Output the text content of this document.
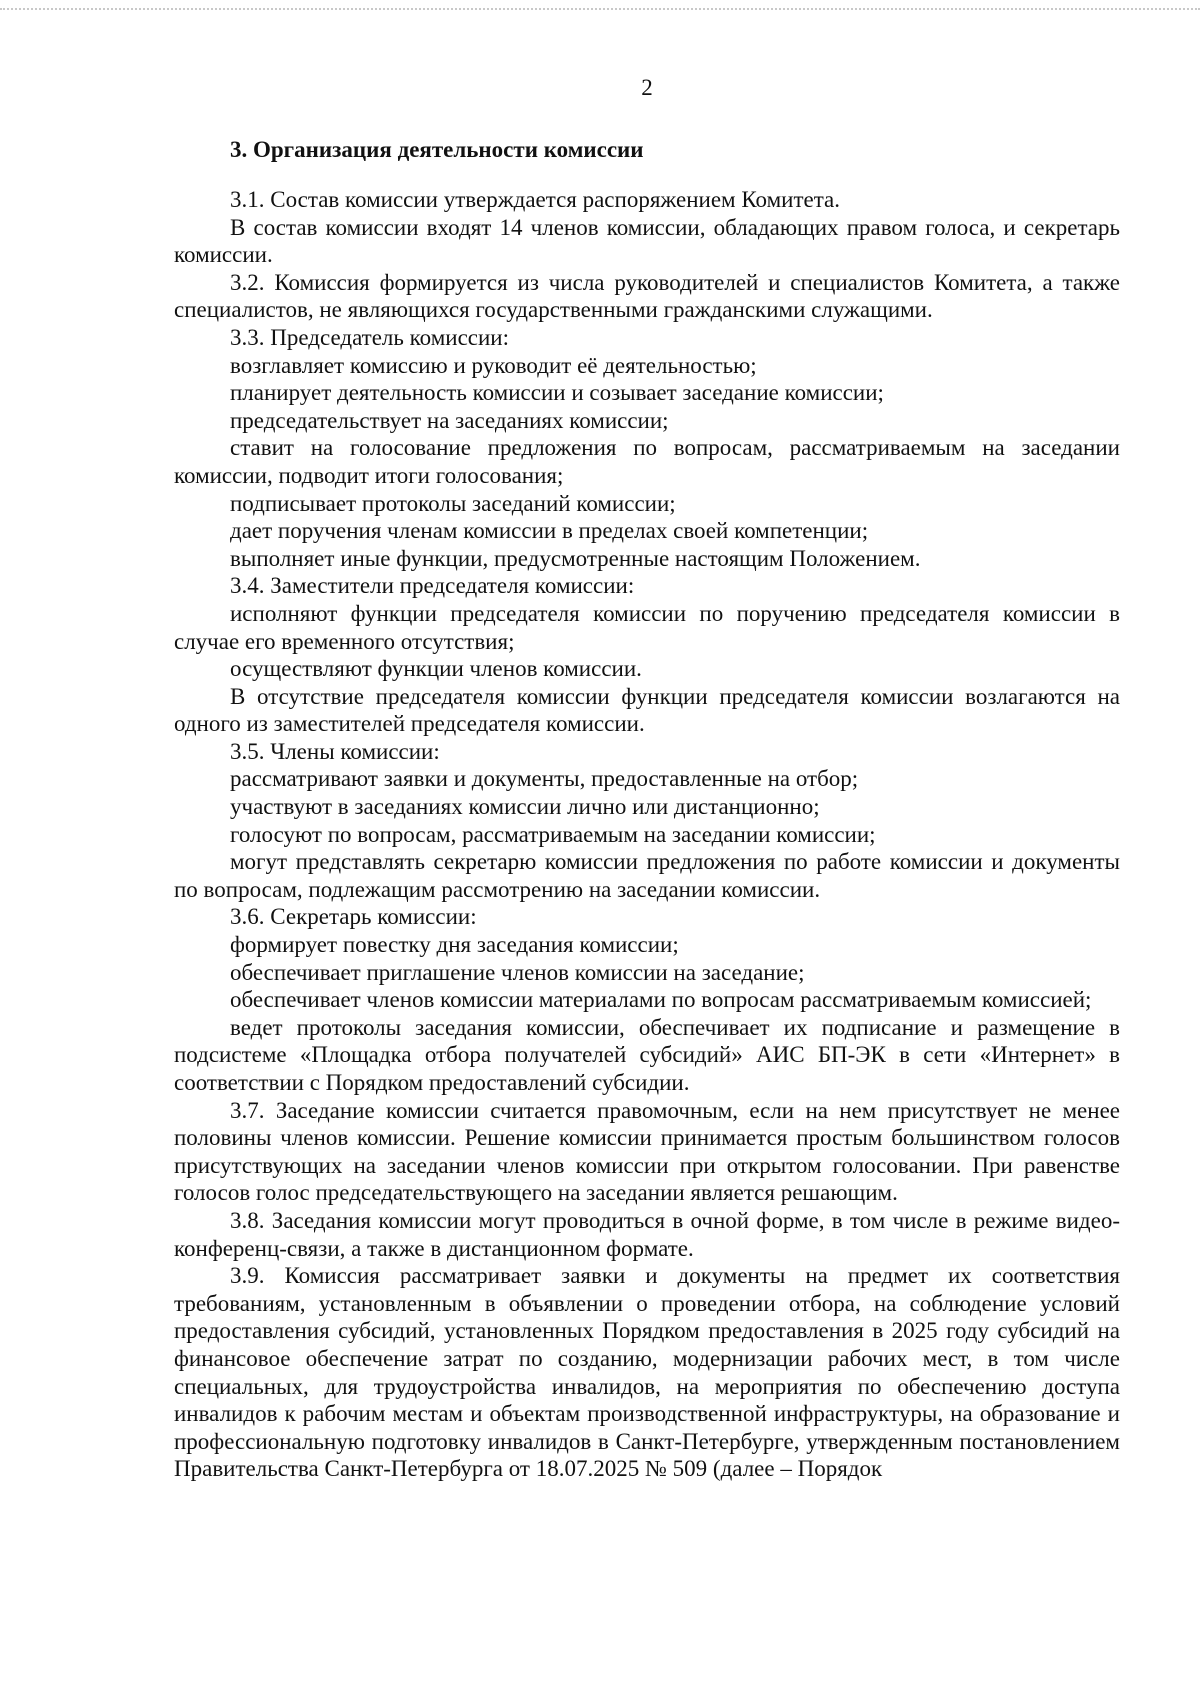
2
3. Организация деятельности комиссии

3.1. Состав комиссии утверждается распоряжением Комитета.

В состав комиссии входят 14 членов комиссии, обладающих правом голоса, и секретарь комиссии.

3.2. Комиссия формируется из числа руководителей и специалистов Комитета, а также специалистов, не являющихся государственными гражданскими служащими.

3.3. Председатель комиссии:

возглавляет комиссию и руководит её деятельностью;

планирует деятельность комиссии и созывает заседание комиссии;

председательствует на заседаниях комиссии;

ставит на голосование предложения по вопросам, рассматриваемым на заседании комиссии, подводит итоги голосования;

подписывает протоколы заседаний комиссии;

дает поручения членам комиссии в пределах своей компетенции;

выполняет иные функции, предусмотренные настоящим Положением.

3.4. Заместители председателя комиссии:

исполняют функции председателя комиссии по поручению председателя комиссии в случае его временного отсутствия;

осуществляют функции членов комиссии.

В отсутствие председателя комиссии функции председателя комиссии возлагаются на одного из заместителей председателя комиссии.

3.5. Члены комиссии:

рассматривают заявки и документы, предоставленные на отбор;

участвуют в заседаниях комиссии лично или дистанционно;

голосуют по вопросам, рассматриваемым на заседании комиссии;

могут представлять секретарю комиссии предложения по работе комиссии и документы по вопросам, подлежащим рассмотрению на заседании комиссии.

3.6. Секретарь комиссии:

формирует повестку дня заседания комиссии;

обеспечивает приглашение членов комиссии на заседание;

обеспечивает членов комиссии материалами по вопросам рассматриваемым комиссией;

ведет протоколы заседания комиссии, обеспечивает их подписание и размещение в подсистеме «Площадка отбора получателей субсидий» АИС БП-ЭК в сети «Интернет» в соответствии с Порядком предоставлений субсидии.

3.7. Заседание комиссии считается правомочным, если на нем присутствует не менее половины членов комиссии. Решение комиссии принимается простым большинством голосов присутствующих на заседании членов комиссии при открытом голосовании. При равенстве голосов голос председательствующего на заседании является решающим.

3.8. Заседания комиссии могут проводиться в очной форме, в том числе в режиме видео-конференц-связи, а также в дистанционном формате.

3.9. Комиссия рассматривает заявки и документы на предмет их соответствия требованиям, установленным в объявлении о проведении отбора, на соблюдение условий предоставления субсидий, установленных Порядком предоставления в 2025 году субсидий на финансовое обеспечение затрат по созданию, модернизации рабочих мест, в том числе специальных, для трудоустройства инвалидов, на мероприятия по обеспечению доступа инвалидов к рабочим местам и объектам производственной инфраструктуры, на образование и профессиональную подготовку инвалидов в Санкт-Петербурге, утвержденным постановлением Правительства Санкт-Петербурга от 18.07.2025 № 509 (далее – Порядок
